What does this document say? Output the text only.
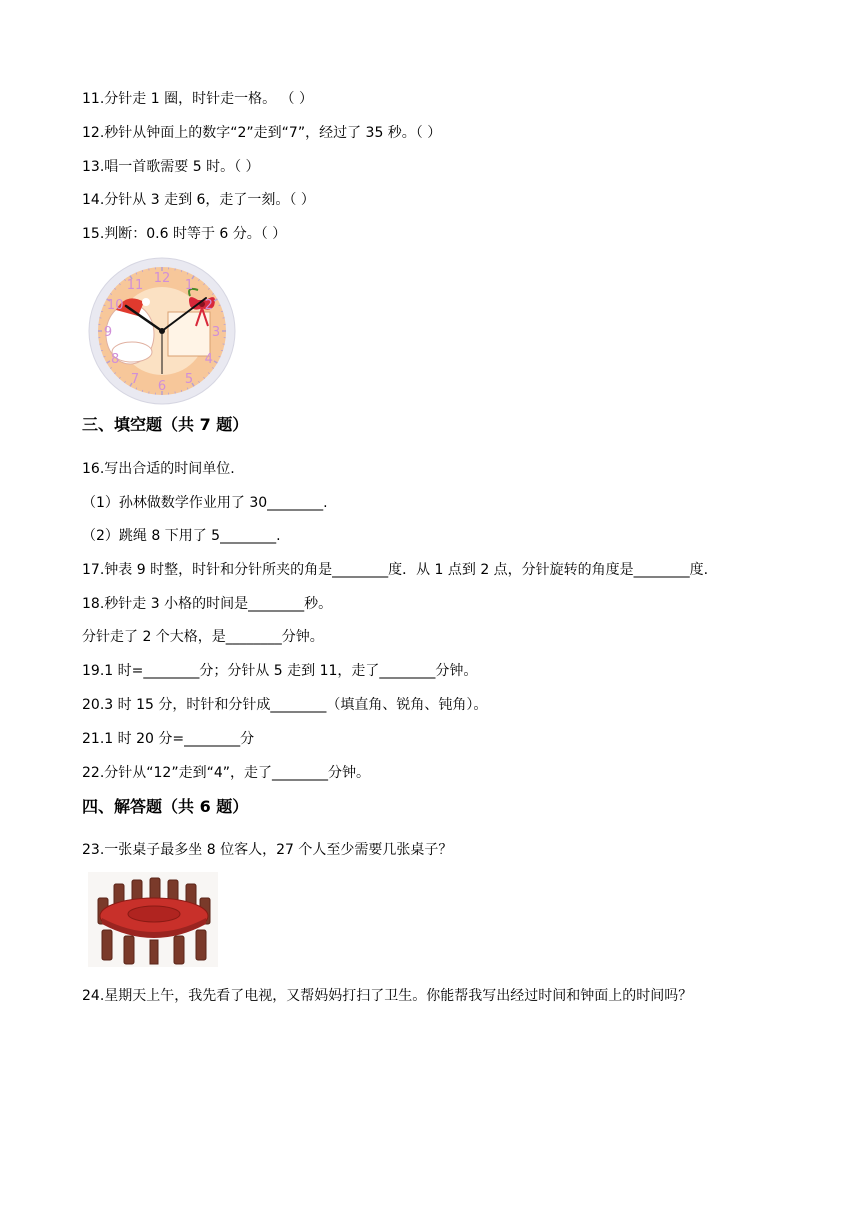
11.分针走 1 圈，时针走一格。 （ ）
12.秒针从钟面上的数字“2”走到“7”，经过了 35 秒。（ ）
13.唱一首歌需要 5 时。（ ）
14.分针从 3 走到 6，走了一刻。（ ）
15.判断：0.6 时等于 6 分。（ ）
12 1
2
3
4
5
6
7
8
9
10
11
三、填空题（共 7 题）
16.写出合适的时间单位.
（1）孙林做数学作业用了 30________.
（2）跳绳 8 下用了 5________.
17.钟表 9 时整，时针和分针所夹的角是________度．从 1 点到 2 点，分针旋转的角度是________度.
18.秒针走 3 小格的时间是________秒。
分针走了 2 个大格，是________分钟。
19.1 时=________分；分针从 5 走到 11，走了________分钟。
20.3 时 15 分，时针和分针成________（填直角、锐角、钝角）。
21.1 时 20 分=________分
22.分针从“12”走到“4”，走了________分钟。
四、解答题（共 6 题）
23.一张桌子最多坐 8 位客人，27 个人至少需要几张桌子？
24.星期天上午，我先看了电视，又帮妈妈打扫了卫生。你能帮我写出经过时间和钟面上的时间吗？
